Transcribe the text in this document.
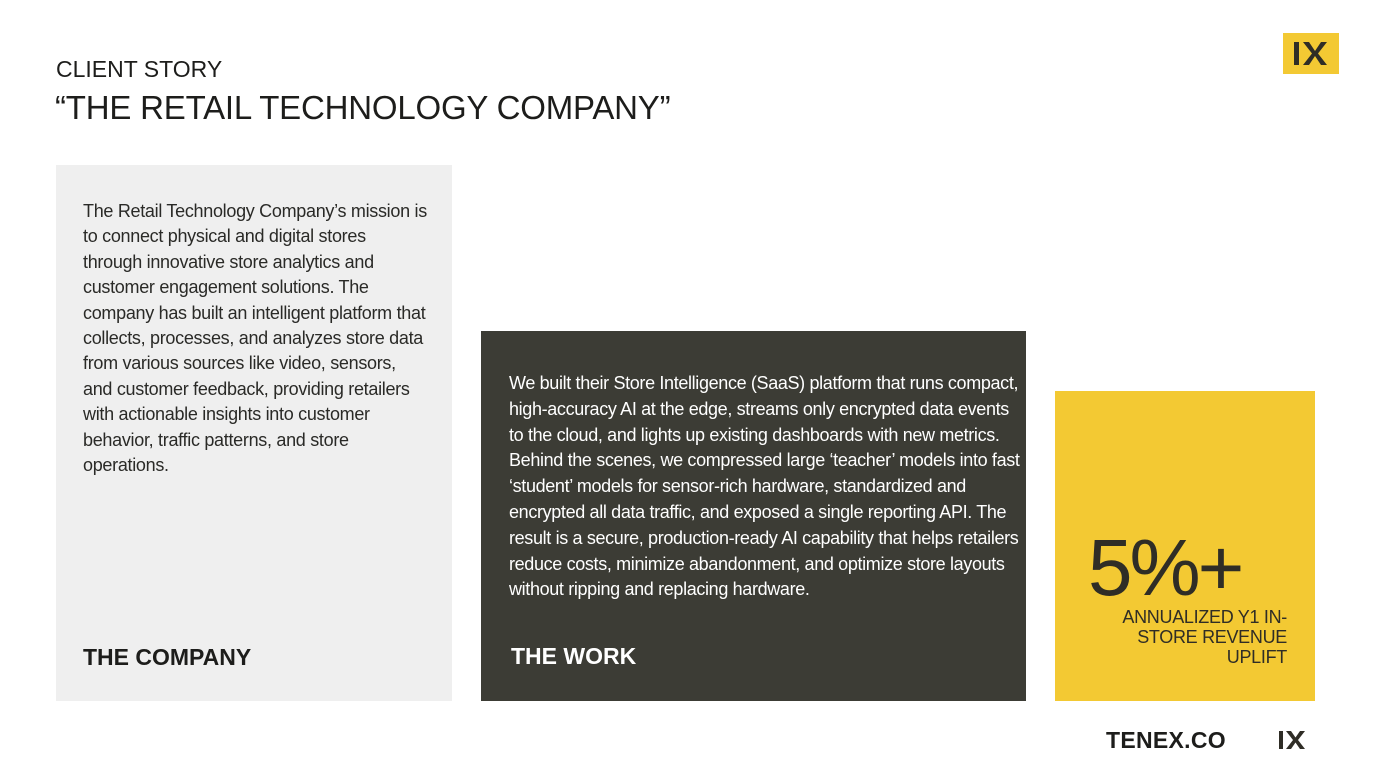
CLIENT STORY

“THE RETAIL TECHNOLOGY COMPANY”

The Retail Technology Company’s mission is to connect physical and digital stores through innovative store analytics and customer engagement solutions. The company has built an intelligent platform that collects, processes, and analyzes store data from various sources like video, sensors, and customer feedback, providing retailers with actionable insights into customer behavior, traffic patterns, and store operations.

THE COMPANY

We built their Store Intelligence (SaaS) platform that runs compact, high-accuracy AI at the edge, streams only encrypted data events to the cloud, and lights up existing dashboards with new metrics. Behind the scenes, we compressed large ‘teacher’ models into fast ‘student’ models for sensor-rich hardware, standardized and encrypted all data traffic, and exposed a single reporting API. The result is a secure, production-ready AI capability that helps retailers reduce costs, minimize abandonment, and optimize store layouts without ripping and replacing hardware.

THE WORK

5%+

ANNUALIZED Y1 IN-STORE REVENUE UPLIFT

TENEX.CO
